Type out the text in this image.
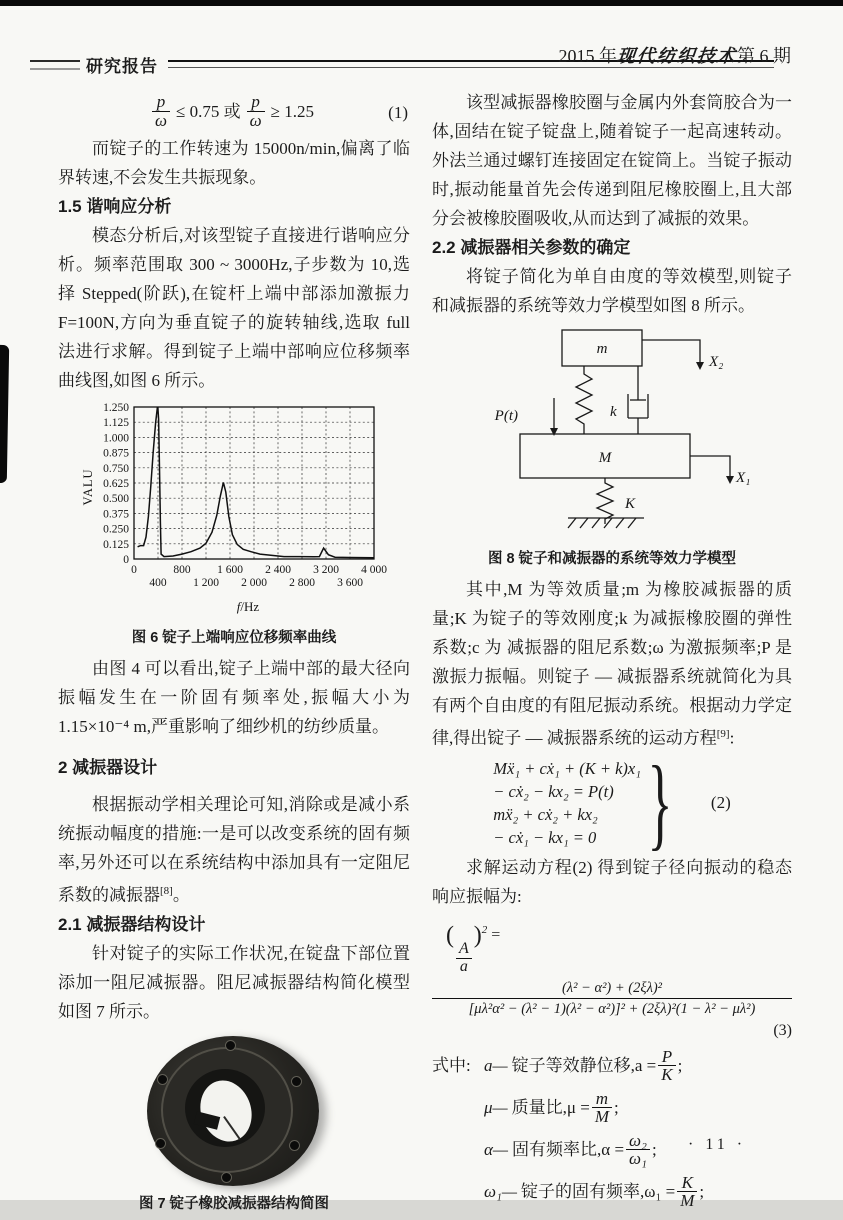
研究报告
2015 年现代纺织技术第 6 期
$\frac{p}{\omega} \le 0.75$ 或 $\frac{p}{\omega} \ge 1.25$	(1)

而锭子的工作转速为 15000n/min,偏离了临界转速,不会发生共振现象。

1.5 谐响应分析

模态分析后,对该型锭子直接进行谐响应分析。频率范围取 300 ~ 3000Hz,子步数为 10,选择 Stepped(阶跃),在锭杆上端中部添加激振力 F=100N,方向为垂直锭子的旋转轴线,选取 full 法进行求解。得到锭子上端中部响应位移频率曲线图,如图 6 所示。

VALU
f/Hz
0
0.125
0.250
0.375
0.500
0.625
0.750
0.875
1.000
1.125
1.250
0
400
800
1 200
1 600
2 000
2 400
2 800
3 200
3 600
4 000

图 6 锭子上端响应位移频率曲线

由图 4 可以看出,锭子上端中部的最大径向振幅发生在一阶固有频率处,振幅大小为 1.15×10⁻⁴ m,严重影响了细纱机的纺纱质量。

2 减振器设计

根据振动学相关理论可知,消除或是减小系统振动幅度的措施:一是可以改变系统的固有频率,另外还可以在系统结构中添加具有一定阻尼系数的减振器[8]。

2.1 减振器结构设计

针对锭子的实际工作状况,在锭盘下部位置添加一阻尼减振器。阻尼减振器结构简化模型如图 7 所示。

图 7 锭子橡胶减振器结构简图

该型减振器橡胶圈与金属内外套筒胶合为一体,固结在锭子锭盘上,随着锭子一起高速转动。外法兰通过螺钉连接固定在锭筒上。当锭子振动时,振动能量首先会传递到阻尼橡胶圈上,且大部分会被橡胶圈吸收,从而达到了减振的效果。

2.2 减振器相关参数的确定

将锭子简化为单自由度的等效模型,则锭子和减振器的系统等效力学模型如图 8 所示。

m
X₂
k
P(t)
M
X₁
K

图 8 锭子和减振器的系统等效力学模型

其中,M 为等效质量;m 为橡胶减振器的质量;K 为锭子的等效刚度;k 为减振橡胶圈的弹性系数;c 为 减振器的阻尼系数;ω 为激振频率;P 是激振力振幅。则锭子 — 减振器系统就简化为具有两个自由度的有阻尼振动系统。根据动力学定律,得出锭子 — 减振器系统的运动方程[9]:

Mẍ₁ + cẋ₁ + (K + k)x₁
− cẋ₂ − kx₂ = P(t)
mẍ₂ + cẋ₂ + kx₂
− cẋ₁ − kx₁ = 0 } (2)

求解运动方程(2) 得到锭子径向振动的稳态响应振幅为:

(
$\frac{A}{a}$
)$^2$ =
(λ² − α²) + (2ξλ)²
[μλ²α² − (λ² − 1)(λ² − α²)]² + (2ξλ)²(1 − λ² − μλ²)
(3)
式中: a— 锭子等效静位移$,a = \frac{P}{K}$ ;
μ— 质量比$,\mu = \frac{m}{M}$ ;
α— 固有频率比$,\alpha = \frac{\text{ω₂}}{\text{ω₁}}$ ;
ω₁— 锭子的固有频率$,\omega_1 = \frac{K}{M}$ ;
· 11 ·
